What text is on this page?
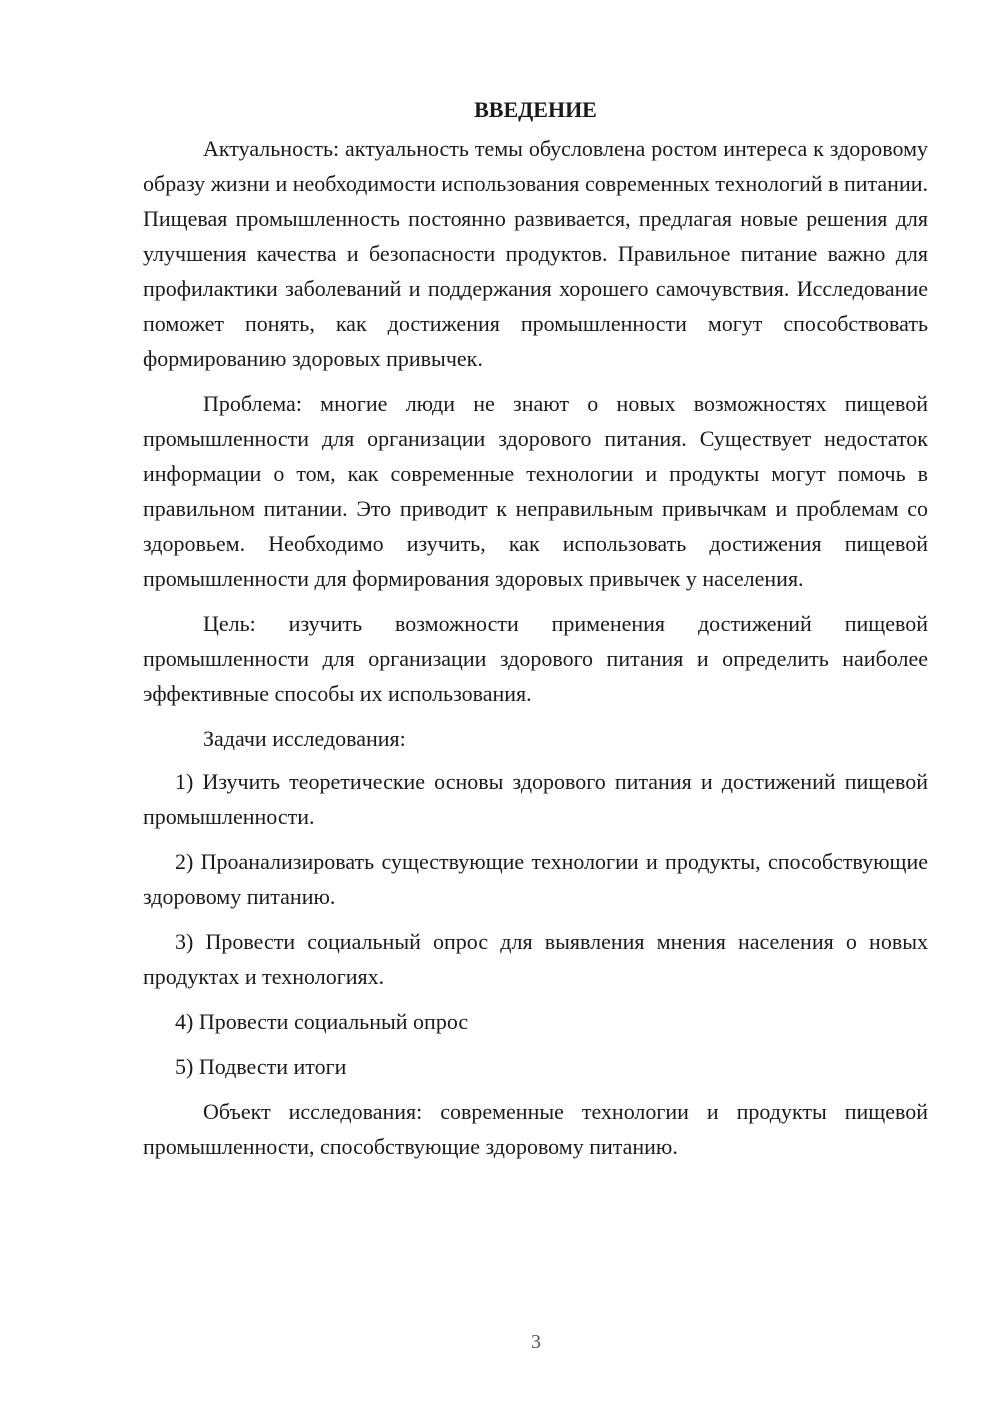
ВВЕДЕНИЕ

Актуальность: актуальность темы обусловлена ростом интереса к здоровому образу жизни и необходимости использования современных технологий в питании. Пищевая промышленность постоянно развивается, предлагая новые решения для улучшения качества и безопасности продуктов. Правильное питание важно для профилактики заболеваний и поддержания хорошего самочувствия. Исследование поможет понять, как достижения промышленности могут способствовать формированию здоровых привычек.

Проблема: многие люди не знают о новых возможностях пищевой промышленности для организации здорового питания. Существует недостаток информации о том, как современные технологии и продукты могут помочь в правильном питании. Это приводит к неправильным привычкам и проблемам со здоровьем. Необходимо изучить, как использовать достижения пищевой промышленности для формирования здоровых привычек у населения.

Цель: изучить возможности применения достижений пищевой промышленности для организации здорового питания и определить наиболее эффективные способы их использования.

Задачи исследования:

1) Изучить теоретические основы здорового питания и достижений пищевой промышленности.

2) Проанализировать существующие технологии и продукты, способствующие здоровому питанию.

3) Провести социальный опрос для выявления мнения населения о новых продуктах и технологиях.

4) Провести социальный опрос

5) Подвести итоги

Объект исследования: современные технологии и продукты пищевой промышленности, способствующие здоровому питанию.

3
